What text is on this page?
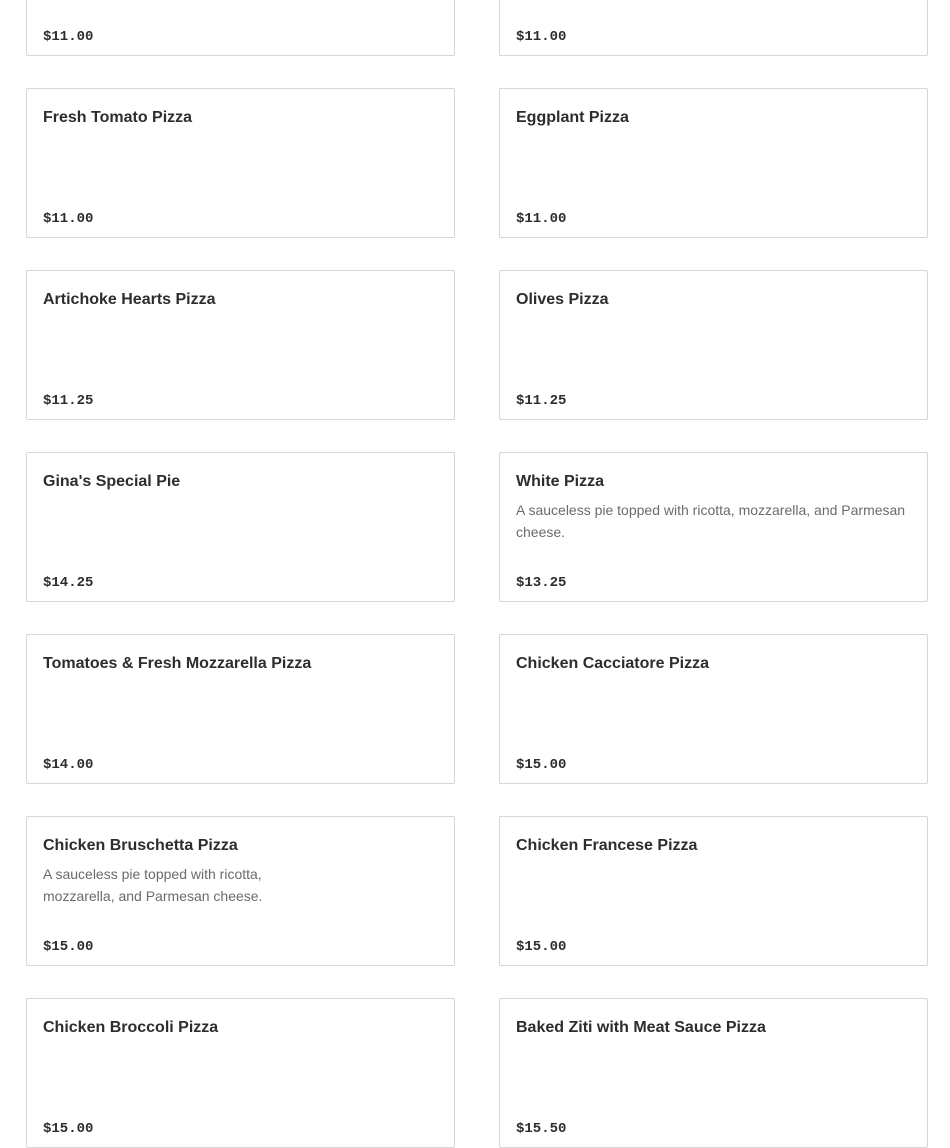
$11.00	$11.00
Fresh Tomato Pizza
$11.00
Eggplant Pizza
$11.00
Artichoke Hearts Pizza
$11.25
Olives Pizza
$11.25
Gina's Special Pie
$14.25
White Pizza
A sauceless pie topped with ricotta, mozzarella, and Parmesan cheese.
$13.25
Tomatoes & Fresh Mozzarella Pizza
$14.00
Chicken Cacciatore Pizza
$15.00
Chicken Bruschetta Pizza
A sauceless pie topped with ricotta, mozzarella, and Parmesan cheese.
$15.00
Chicken Francese Pizza
$15.00
Chicken Broccoli Pizza
$15.00
Baked Ziti with Meat Sauce Pizza
$15.50
